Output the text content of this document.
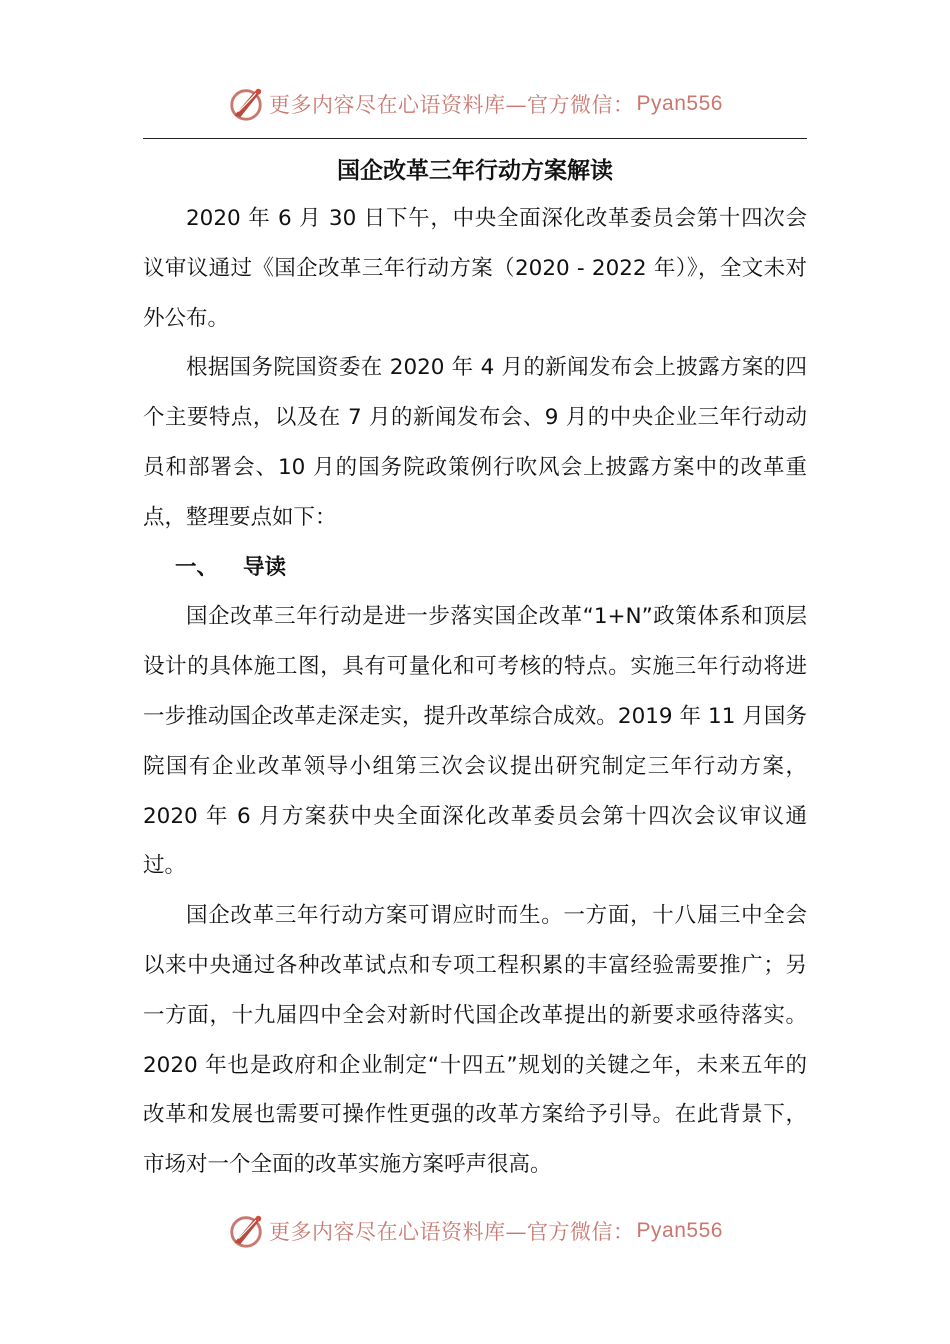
更多内容尽在心语资料库—官方微信： Pyan556
国企改革三年行动方案解读

2020 年 6 月 30 日下午，中央全面深化改革委员会第十四次会议审议通过《国企改革三年行动方案（2020 - 2022 年）》，全文未对外公布。

根据国务院国资委在 2020 年 4 月的新闻发布会上披露方案的四个主要特点，以及在 7 月的新闻发布会、9 月的中央企业三年行动动员和部署会、10 月的国务院政策例行吹风会上披露方案中的改革重点，整理要点如下：

一、	导读

国企改革三年行动是进一步落实国企改革“1+N”政策体系和顶层设计的具体施工图，具有可量化和可考核的特点。实施三年行动将进一步推动国企改革走深走实，提升改革综合成效。2019 年 11 月国务院国有企业改革领导小组第三次会议提出研究制定三年行动方案，2020 年 6 月方案获中央全面深化改革委员会第十四次会议审议通过。

国企改革三年行动方案可谓应时而生。一方面，十八届三中全会以来中央通过各种改革试点和专项工程积累的丰富经验需要推广；另一方面，十九届四中全会对新时代国企改革提出的新要求亟待落实。2020 年也是政府和企业制定“十四五”规划的关键之年，未来五年的改革和发展也需要可操作性更强的改革方案给予引导。在此背景下，市场对一个全面的改革实施方案呼声很高。

更多内容尽在心语资料库—官方微信： Pyan556
